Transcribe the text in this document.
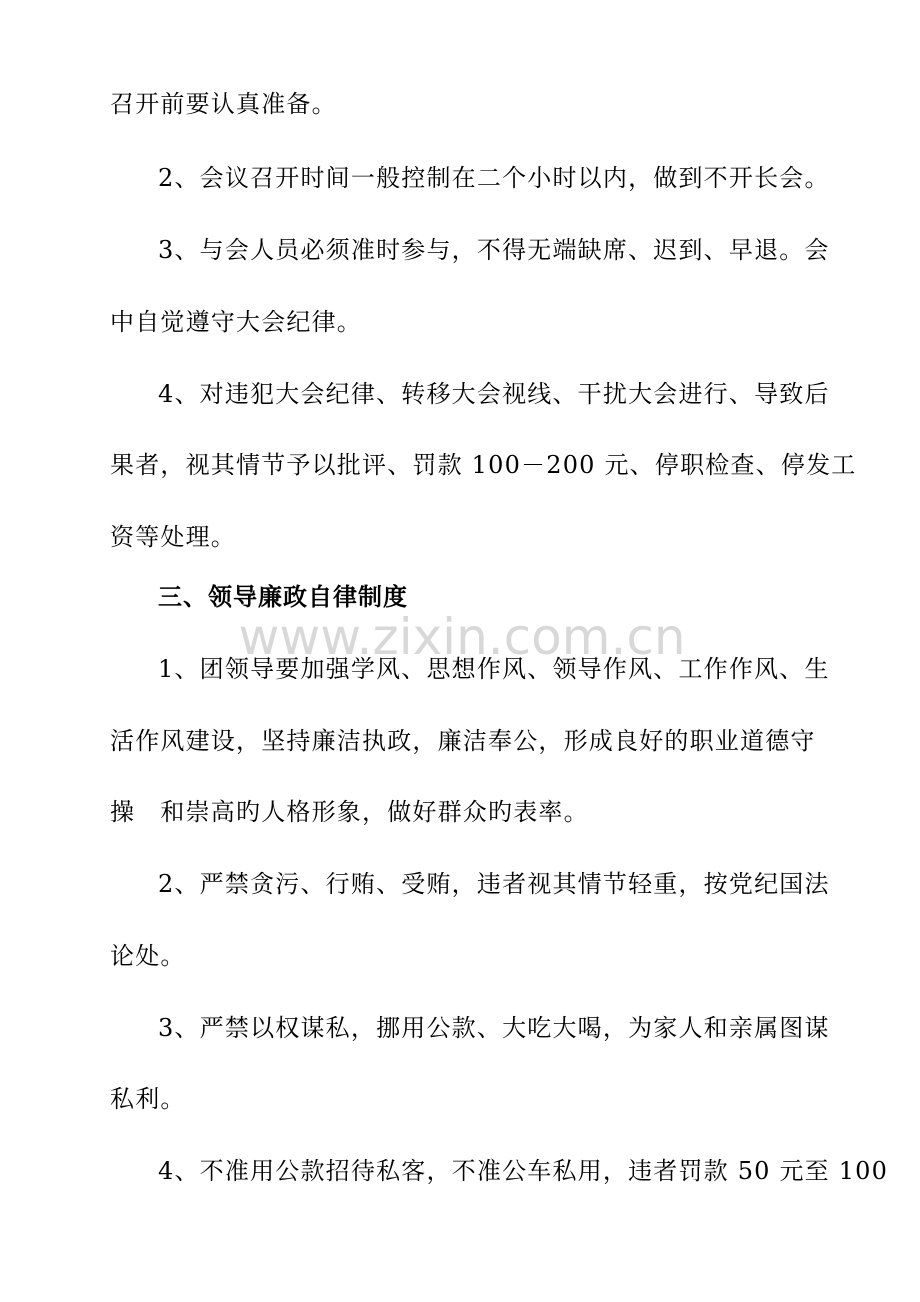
召开前要认真准备。
2、会议召开时间一般控制在二个小时以内，做到不开长会。
3、与会人员必须准时参与，不得无端缺席、迟到、早退。会
中自觉遵守大会纪律。
4、对违犯大会纪律、转移大会视线、干扰大会进行、导致后
果者，视其情节予以批评、罚款 100－200 元、停职检查、停发工
资等处理。
三、领导廉政自律制度
1、团领导要加强学风、思想作风、领导作风、工作作风、生
活作风建设，坚持廉洁执政，廉洁奉公，形成良好的职业道德守
操　和崇高旳人格形象，做好群众旳表率。
2、严禁贪污、行贿、受贿，违者视其情节轻重，按党纪国法
论处。
3、严禁以权谋私，挪用公款、大吃大喝，为家人和亲属图谋
私利。
4、不准用公款招待私客，不准公车私用，违者罚款 50 元至 100
www.zixin.com.cn
